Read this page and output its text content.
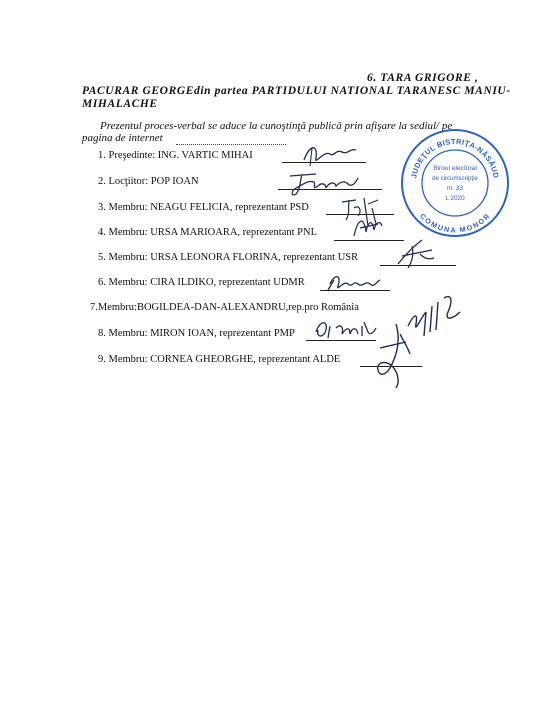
6. TARA GRIGORE ,
PACURAR GEORGEdin partea PARTIDULUI NATIONAL TARANESC MANIU-
MIHALACHE
Prezentul proces-verbal se aduce la cunoştinţă publică prin afişare la sediul/ pe
pagina de internet
1. Preşedinte: ING. VARTIC MIHAI
2. Locţiitor: POP IOAN
3. Membru: NEAGU FELICIA, reprezentant PSD
4. Membru: URSA MARIOARA, reprezentant PNL
5. Membru: URSA LEONORA FLORINA, reprezentant USR
6. Membru: CIRA ILDIKO, reprezentant UDMR
7.Membru:BOGILDEA-DAN-ALEXANDRU,rep.pro România
8. Membru: MIRON IOAN, reprezentant PMP
9. Membru: CORNEA GHEORGHE, reprezentant ALDE
JUDEŢUL BISTRIŢA-NĂSĂUD
COMUNA MONOR
Biroul electoral
de circumscripţie
nr. 33
L 2020
